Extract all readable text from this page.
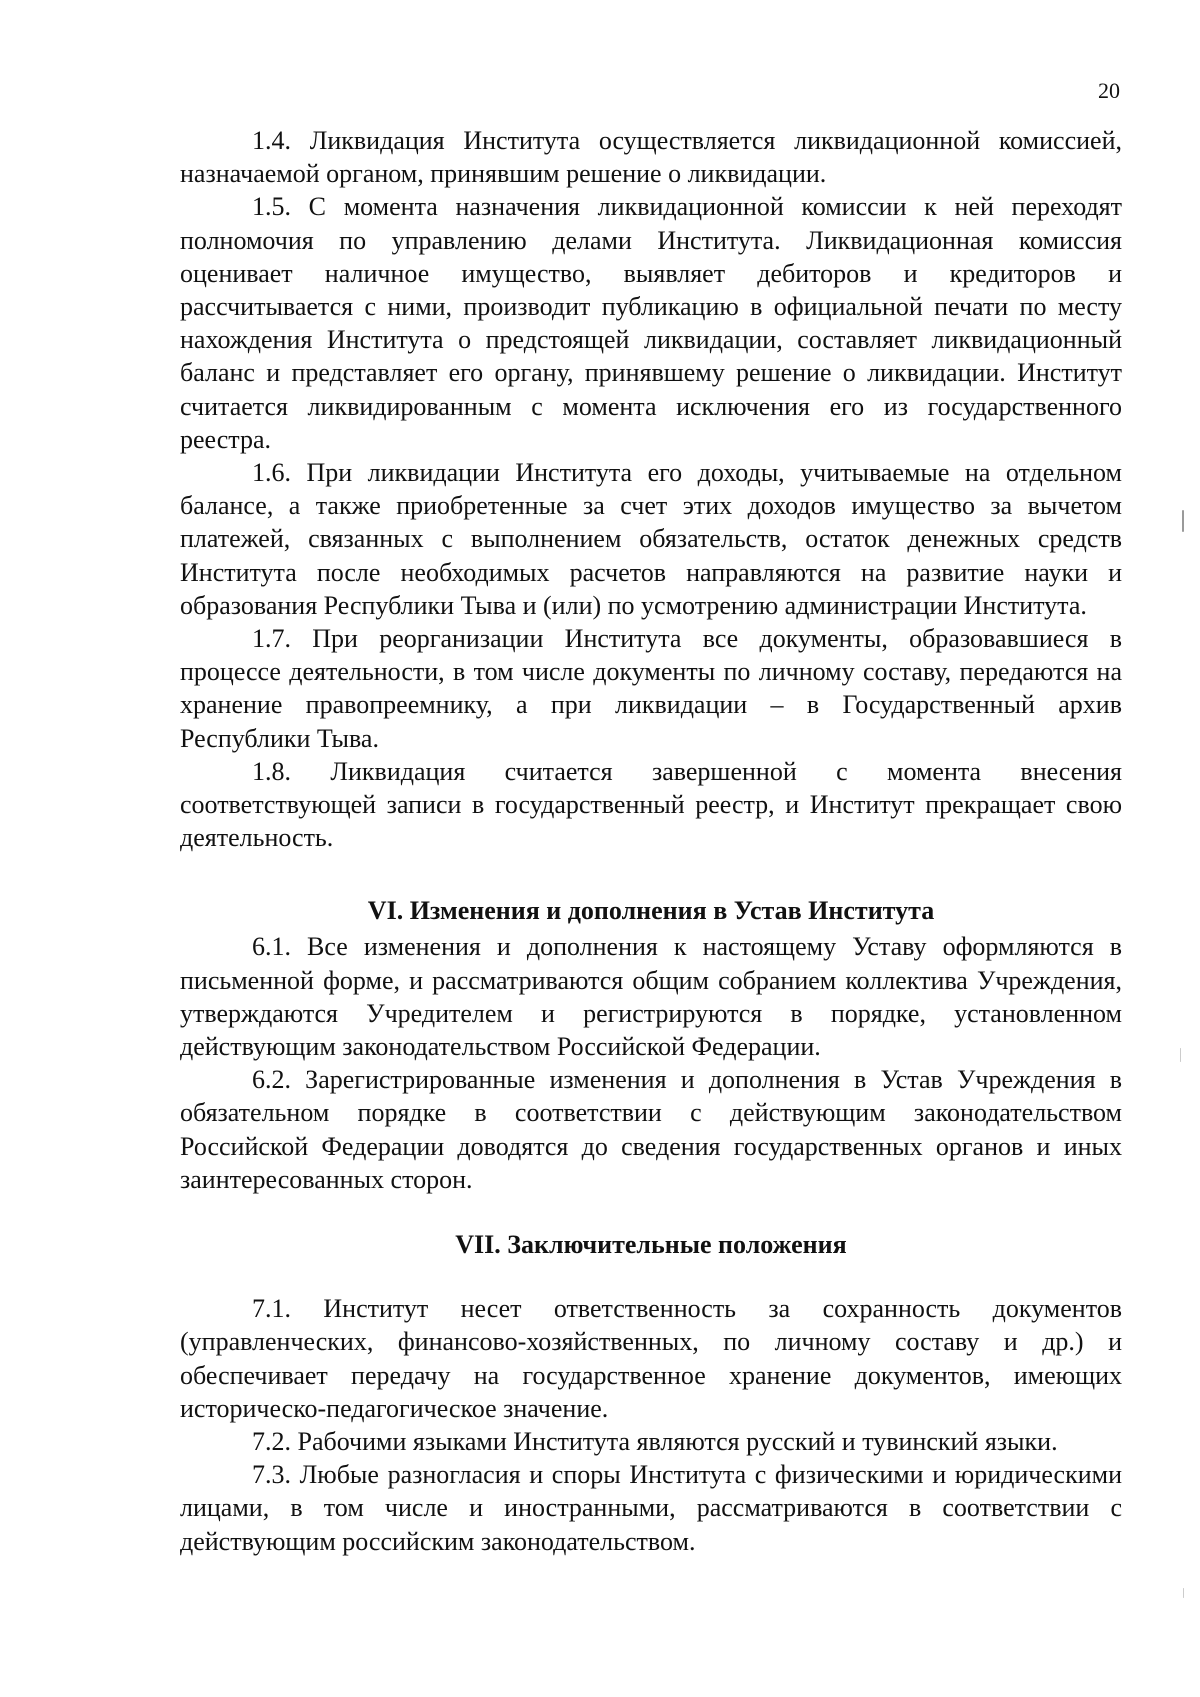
20

1.4. Ликвидация Института осуществляется ликвидационной комиссией, назначаемой органом, принявшим решение о ликвидации.

1.5. С момента назначения ликвидационной комиссии к ней переходят полномочия по управлению делами Института. Ликвидационная комиссия оценивает наличное имущество, выявляет дебиторов и кредиторов и рассчитывается с ними, производит публикацию в официальной печати по месту нахождения Института о предстоящей ликвидации, составляет ликвидационный баланс и представляет его органу, принявшему решение о ликвидации. Институт считается ликвидированным с момента исключения его из государственного реестра.

1.6. При ликвидации Института его доходы, учитываемые на отдельном балансе, а также приобретенные за счет этих доходов имущество за вычетом платежей, связанных с выполнением обязательств, остаток денежных средств Института после необходимых расчетов направляются на развитие науки и образования Республики Тыва и (или) по усмотрению администрации Института.

1.7. При реорганизации Института все документы, образовавшиеся в процессе деятельности, в том числе документы по личному составу, передаются на хранение правопреемнику, а при ликвидации – в Государственный архив Республики Тыва.

1.8. Ликвидация считается завершенной с момента внесения соответствующей записи в государственный реестр, и Институт прекращает свою деятельность.

VI. Изменения и дополнения в Устав Института

6.1. Все изменения и дополнения к настоящему Уставу оформляются в письменной форме, и рассматриваются общим собранием коллектива Учреждения, утверждаются Учредителем и регистрируются в порядке, установленном действующим законодательством Российской Федерации.

6.2. Зарегистрированные изменения и дополнения в Устав Учреждения в обязательном порядке в соответствии с действующим законодательством Российской Федерации доводятся до сведения государственных органов и иных заинтересованных сторон.

VII. Заключительные положения

7.1. Институт несет ответственность за сохранность документов (управленческих, финансово-хозяйственных, по личному составу и др.) и обеспечивает передачу на государственное хранение документов, имеющих историческо-педагогическое значение.

7.2. Рабочими языками Института являются русский и тувинский языки.

7.3. Любые разногласия и споры Института с физическими и юридическими лицами, в том числе и иностранными, рассматриваются в соответствии с действующим российским законодательством.
